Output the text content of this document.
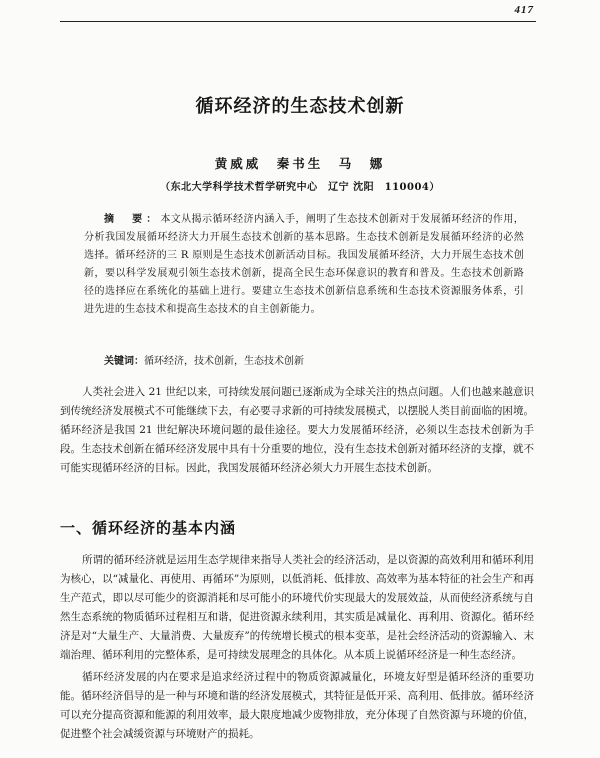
417
循环经济的生态技术创新
黄威威　秦书生　马　娜
（东北大学科学技术哲学研究中心　辽宁 沈阳　110004）

摘　要：本文从揭示循环经济内涵入手，阐明了生态技术创新对于发展循环经济的作用，分析我国发展循环经济大力开展生态技术创新的基本思路。生态技术创新是发展循环经济的必然选择。循环经济的三 R 原则是生态技术创新活动目标。我国发展循环经济，大力开展生态技术创新，要以科学发展观引领生态技术创新，提高全民生态环保意识的教育和普及。生态技术创新路径的选择应在系统化的基础上进行。要建立生态技术创新信息系统和生态技术资源服务体系，引进先进的生态技术和提高生态技术的自主创新能力。

关键词：循环经济，技术创新，生态技术创新

人类社会进入 21 世纪以来，可持续发展问题已逐渐成为全球关注的热点问题。人们也越来越意识到传统经济发展模式不可能继续下去，有必要寻求新的可持续发展模式，以摆脱人类目前面临的困境。循环经济是我国 21 世纪解决环境问题的最佳途径。要大力发展循环经济，必须以生态技术创新为手段。生态技术创新在循环经济发展中具有十分重要的地位，没有生态技术创新对循环经济的支撑，就不可能实现循环经济的目标。因此，我国发展循环经济必须大力开展生态技术创新。

一、循环经济的基本内涵

所谓的循环经济就是运用生态学规律来指导人类社会的经济活动，是以资源的高效利用和循环利用为核心，以“减量化、再使用、再循环”为原则，以低消耗、低排放、高效率为基本特征的社会生产和再生产范式，即以尽可能少的资源消耗和尽可能小的环境代价实现最大的发展效益，从而使经济系统与自然生态系统的物质循环过程相互和谐，促进资源永续利用，其实质是减量化、再利用、资源化。循环经济是对“大量生产、大量消费、大量废弃”的传统增长模式的根本变革，是社会经济活动的资源输入、末端治理、循环利用的完整体系，是可持续发展理念的具体化。从本质上说循环经济是一种生态经济。

循环经济发展的内在要求是追求经济过程中的物质资源减量化，环境友好型是循环经济的重要功能。循环经济倡导的是一种与环境和谐的经济发展模式，其特征是低开采、高利用、低排放。循环经济可以充分提高资源和能源的利用效率，最大限度地减少废物排放，充分体现了自然资源与环境的价值，促进整个社会减缓资源与环境财产的损耗。
